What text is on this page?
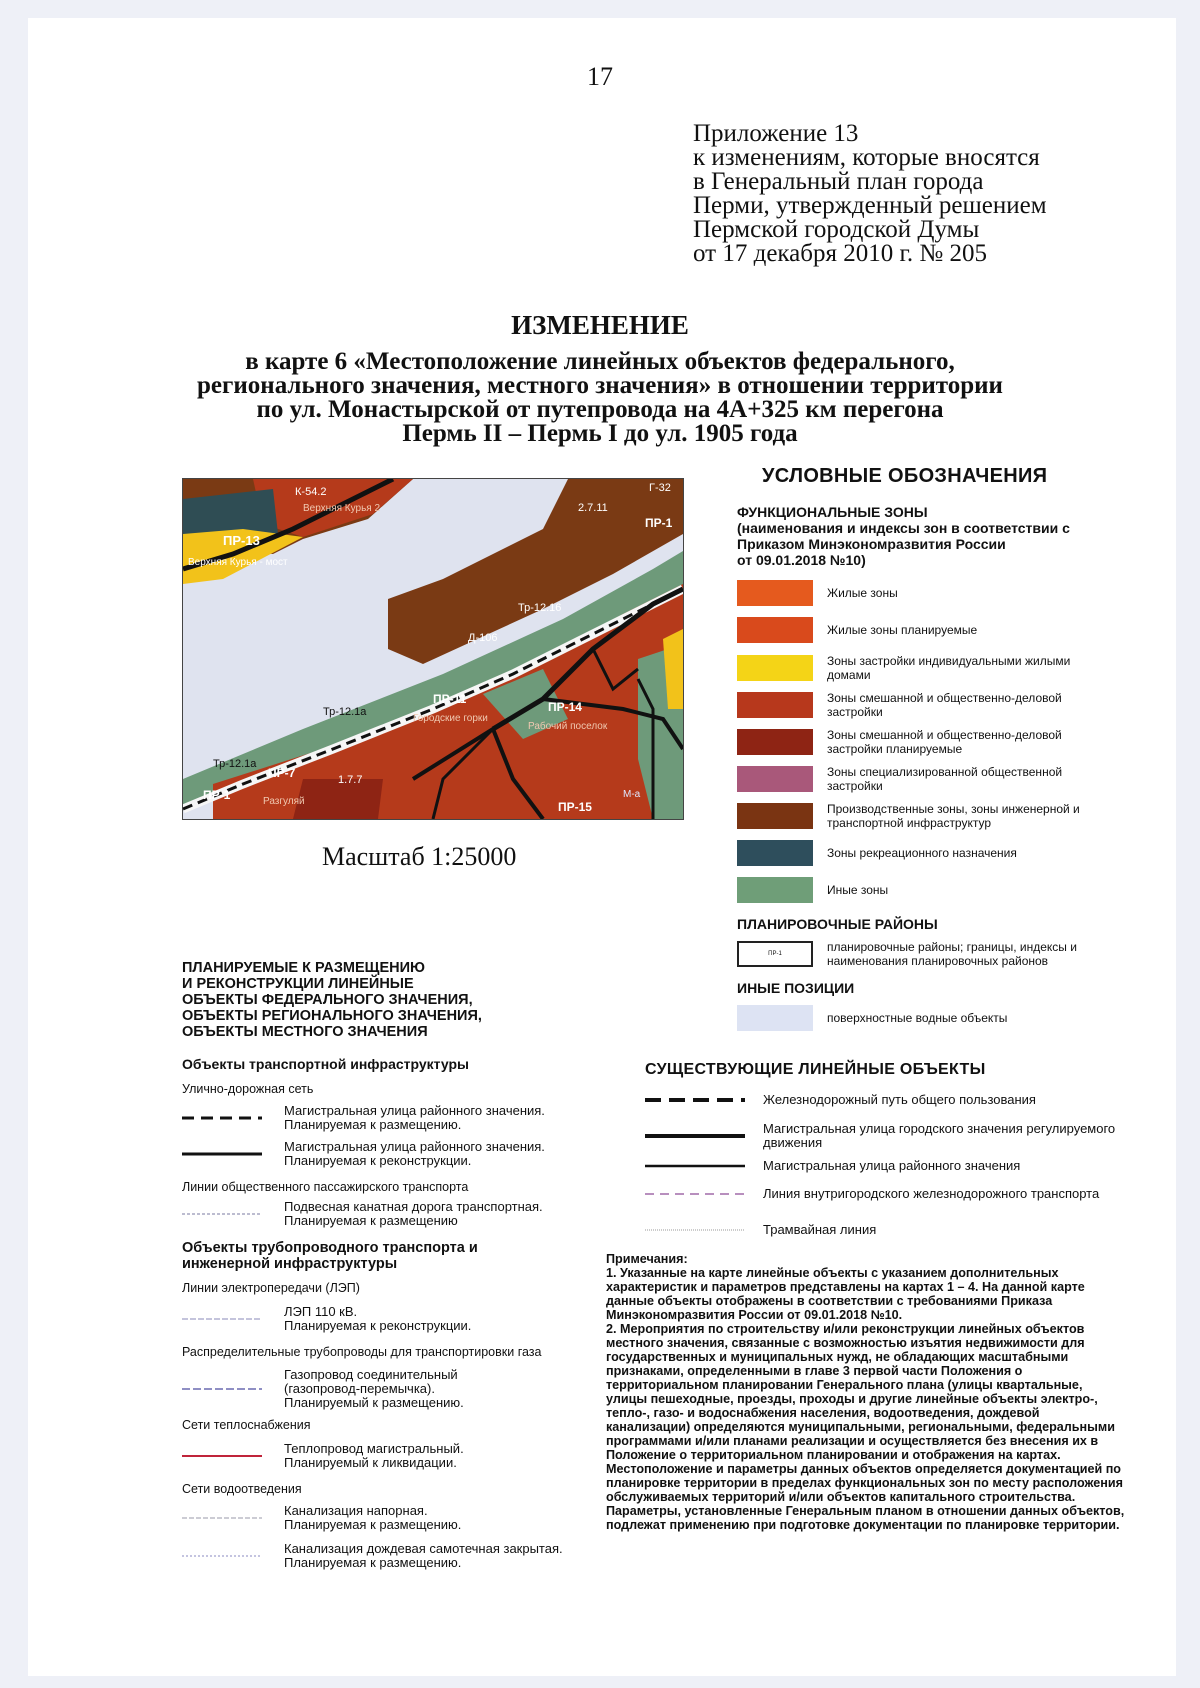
17
Приложение 13
к изменениям, которые вносятся
в Генеральный план города
Перми, утвержденный решением
Пермской городской Думы
от 17 декабря 2010 г. № 205
ИЗМЕНЕНИЕ
в карте 6 «Местоположение линейных объектов федерального,
регионального значения, местного значения» в отношении территории
по ул. Монастырской от путепровода на 4А+325 км перегона
Пермь II – Пермь I до ул. 1905 года
К-54.2
Верхняя Курья 2
ПР-13
Верхняя Курья - мост
2.7.11
Г-32
ПР-1
Тр-12.16
Д-106
ПР-11
Городские горки
ПР-14
Рабочий поселок
Тр-12.1а
Тр-12.1а
ПР-7	1.7.7
ПР-1	Разгуляй	ПР-15
М-а
Масштаб 1:25000
УСЛОВНЫЕ ОБОЗНАЧЕНИЯ
ФУНКЦИОНАЛЬНЫЕ ЗОНЫ
(наименования и индексы зон в соответствии с
Приказом Минэкономразвития России
от 09.01.2018 №10)
Жилые зоны
Жилые зоны планируемые
Зоны застройки индивидуальными жилыми домами
Зоны смешанной и общественно-деловой застройки
Зоны смешанной и общественно-деловой застройки планируемые
Зоны специализированной общественной застройки
Производственные зоны, зоны инженерной и транспортной инфраструктур
Зоны рекреационного назначения
Иные зоны
ПЛАНИРОВОЧНЫЕ РАЙОНЫ
ПР-1	планировочные районы; границы, индексы и наименования планировочных районов
ИНЫЕ ПОЗИЦИИ
поверхностные водные объекты
ПЛАНИРУЕМЫЕ К РАЗМЕЩЕНИЮ
И РЕКОНСТРУКЦИИ ЛИНЕЙНЫЕ
ОБЪЕКТЫ ФЕДЕРАЛЬНОГО ЗНАЧЕНИЯ,
ОБЪЕКТЫ РЕГИОНАЛЬНОГО ЗНАЧЕНИЯ,
ОБЪЕКТЫ МЕСТНОГО ЗНАЧЕНИЯ
Объекты транспортной инфраструктуры
Улично-дорожная сеть
Магистральная улица районного значения.
Планируемая к размещению.
Магистральная улица районного значения.
Планируемая к реконструкции.
Линии общественного пассажирского транспорта
Подвесная канатная дорога транспортная.
Планируемая к размещению
Объекты трубопроводного транспорта и
инженерной инфраструктуры
Линии электропередачи (ЛЭП)
ЛЭП 110 кВ.
Планируемая к реконструкции.
Распределительные трубопроводы для транспортировки газа
Газопровод соединительный
(газопровод-перемычка).
Планируемый к размещению.
Сети теплоснабжения
Теплопровод магистральный.
Планируемый к ликвидации.
Сети водоотведения
Канализация напорная.
Планируемая к размещению.
Канализация дождевая самотечная закрытая.
Планируемая к размещению.
СУЩЕСТВУЮЩИЕ ЛИНЕЙНЫЕ ОБЪЕКТЫ
Железнодорожный путь общего пользования
Магистральная улица городского значения регулируемого движения
Магистральная улица районного значения
Линия внутригородского железнодорожного транспорта
Трамвайная линия
Примечания:
1. Указанные на карте линейные объекты с указанием дополнительных характеристик и параметров представлены на картах 1 – 4. На данной карте данные объекты отображены в соответствии с требованиями Приказа Минэкономразвития России от 09.01.2018 №10.
2. Мероприятия по строительству и/или реконструкции линейных объектов местного значения, связанные с возможностью изъятия недвижимости для государственных и муниципальных нужд, не обладающих масштабными признаками, определенными в главе 3 первой части Положения о территориальном планировании Генерального плана (улицы квартальные, улицы пешеходные, проезды, проходы и другие линейные объекты электро-, тепло-, газо- и водоснабжения населения, водоотведения, дождевой канализации) определяются муниципальными, региональными, федеральными программами и/или планами реализации и осуществляется без внесения их в Положение о территориальном планировании и отображения на картах. Местоположение и параметры данных объектов определяется документацией по планировке территории в пределах функциональных зон по месту расположения обслуживаемых территорий и/или объектов капитального строительства. Параметры, установленные Генеральным планом в отношении данных объектов, подлежат применению при подготовке документации по планировке территории.
